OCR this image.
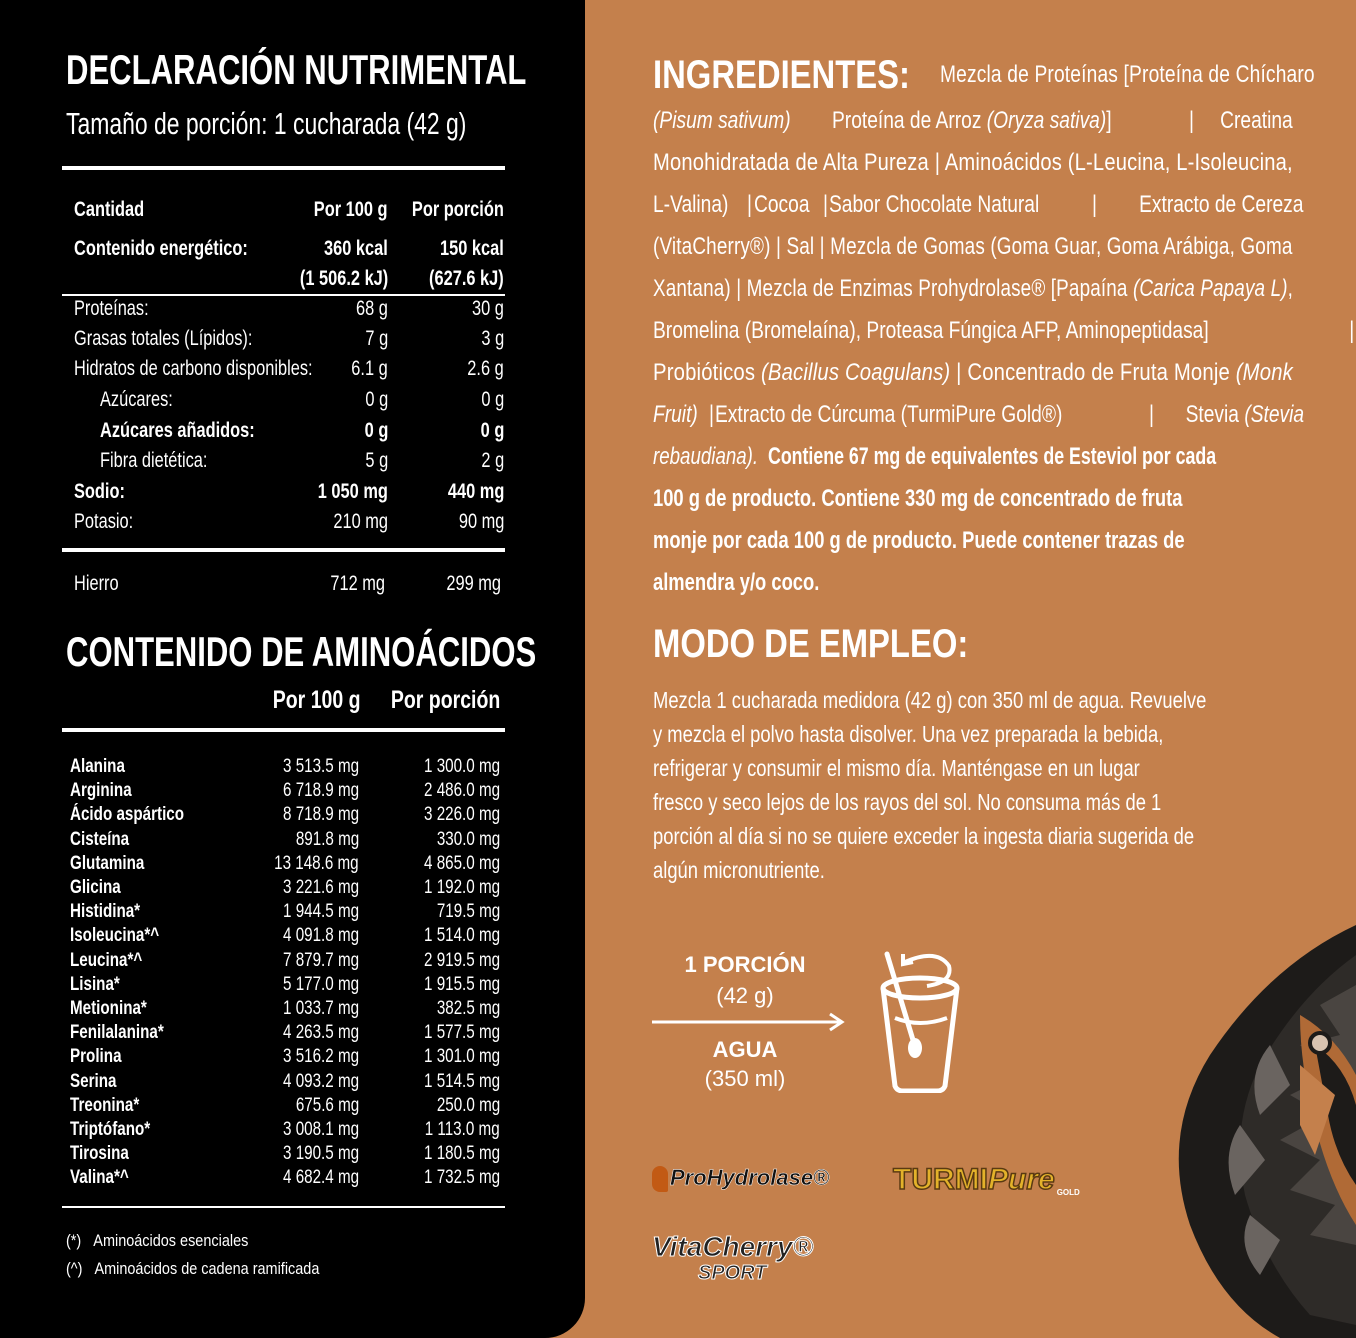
DECLARACIÓN NUTRIMENTAL
Tamaño de porción: 1 cucharada (42 g)
Cantidad	Por 100 g Por porción
Contenido energético:	360 kcal 150 kcal
(1 506.2 kJ) (627.6 kJ)
Proteínas:	68 g	30 g
Grasas totales (Lípidos):	7 g	3 g
Hidratos de carbono disponibles: 6.1 g	2.6 g
Azúcares:	0 g	0 g
Azúcares añadidos:	0 g	0 g
Fibra dietética:	5 g	2 g
Sodio:	1 050 mg	440 mg
Potasio:	210 mg	90 mg
Hierro	712 mg	299 mg
CONTENIDO DE AMINOÁCIDOS
Por 100 g Por porción
Alanina	3 513.5 mg	1 300.0 mg
Arginina	6 718.9 mg	2 486.0 mg
Ácido aspártico	8 718.9 mg	3 226.0 mg
Cisteína	891.8 mg	330.0 mg
Glutamina	13 148.6 mg	4 865.0 mg
Glicina	3 221.6 mg	1 192.0 mg
Histidina*	1 944.5 mg	719.5 mg
Isoleucina*^	4 091.8 mg	1 514.0 mg
Leucina*^	7 879.7 mg	2 919.5 mg
Lisina*	5 177.0 mg	1 915.5 mg
Metionina*	1 033.7 mg	382.5 mg
Fenilalanina*	4 263.5 mg	1 577.5 mg
Prolina	3 516.2 mg	1 301.0 mg
Serina	4 093.2 mg	1 514.5 mg
Treonina*	675.6 mg	250.0 mg
Triptófano*	3 008.1 mg	1 113.0 mg
Tirosina	3 190.5 mg	1 180.5 mg
Valina*^	4 682.4 mg	1 732.5 mg
(*) Aminoácidos esenciales
(^) Aminoácidos de cadena ramificada
INGREDIENTES: Mezcla de Proteínas [Proteína de Chícharo
(Pisum sativum) Proteína de Arroz (Oryza sativa)]	| Creatina
Monohidratada de Alta Pureza | Aminoácidos (L-Leucina, L-Isoleucina,
L-Valina) | Cocoa | Sabor Chocolate Natural | Extracto de Cereza
(VitaCherry®) | Sal | Mezcla de Gomas (Goma Guar, Goma Arábiga, Goma
Xantana) | Mezcla de Enzimas Prohydrolase® [Papaína (Carica Papaya L),
Bromelina (Bromelaína), Proteasa Fúngica AFP, Aminopeptidasa]	|
Probióticos (Bacillus Coagulans) | Concentrado de Fruta Monje (Monk
Fruit) | Extracto de Cúrcuma (TurmiPure Gold®)	| Stevia (Stevia
rebaudiana). Contiene 67 mg de equivalentes de Esteviol por cada
100 g de producto. Contiene 330 mg de concentrado de fruta
monje por cada 100 g de producto. Puede contener trazas de
almendra y/o coco.
MODO DE EMPLEO:
Mezcla 1 cucharada medidora (42 g) con 350 ml de agua. Revuelve
y mezcla el polvo hasta disolver. Una vez preparada la bebida,
refrigerar y consumir el mismo día. Manténgase en un lugar
fresco y seco lejos de los rayos del sol. No consuma más de 1
porción al día si no se quiere exceder la ingesta diaria sugerida de
algún micronutriente.
1 PORCIÓN
(42 g)
AGUA
(350 ml)
ProHydrolase® TURMIPure GOLD
VitaCherry®
SPORT
